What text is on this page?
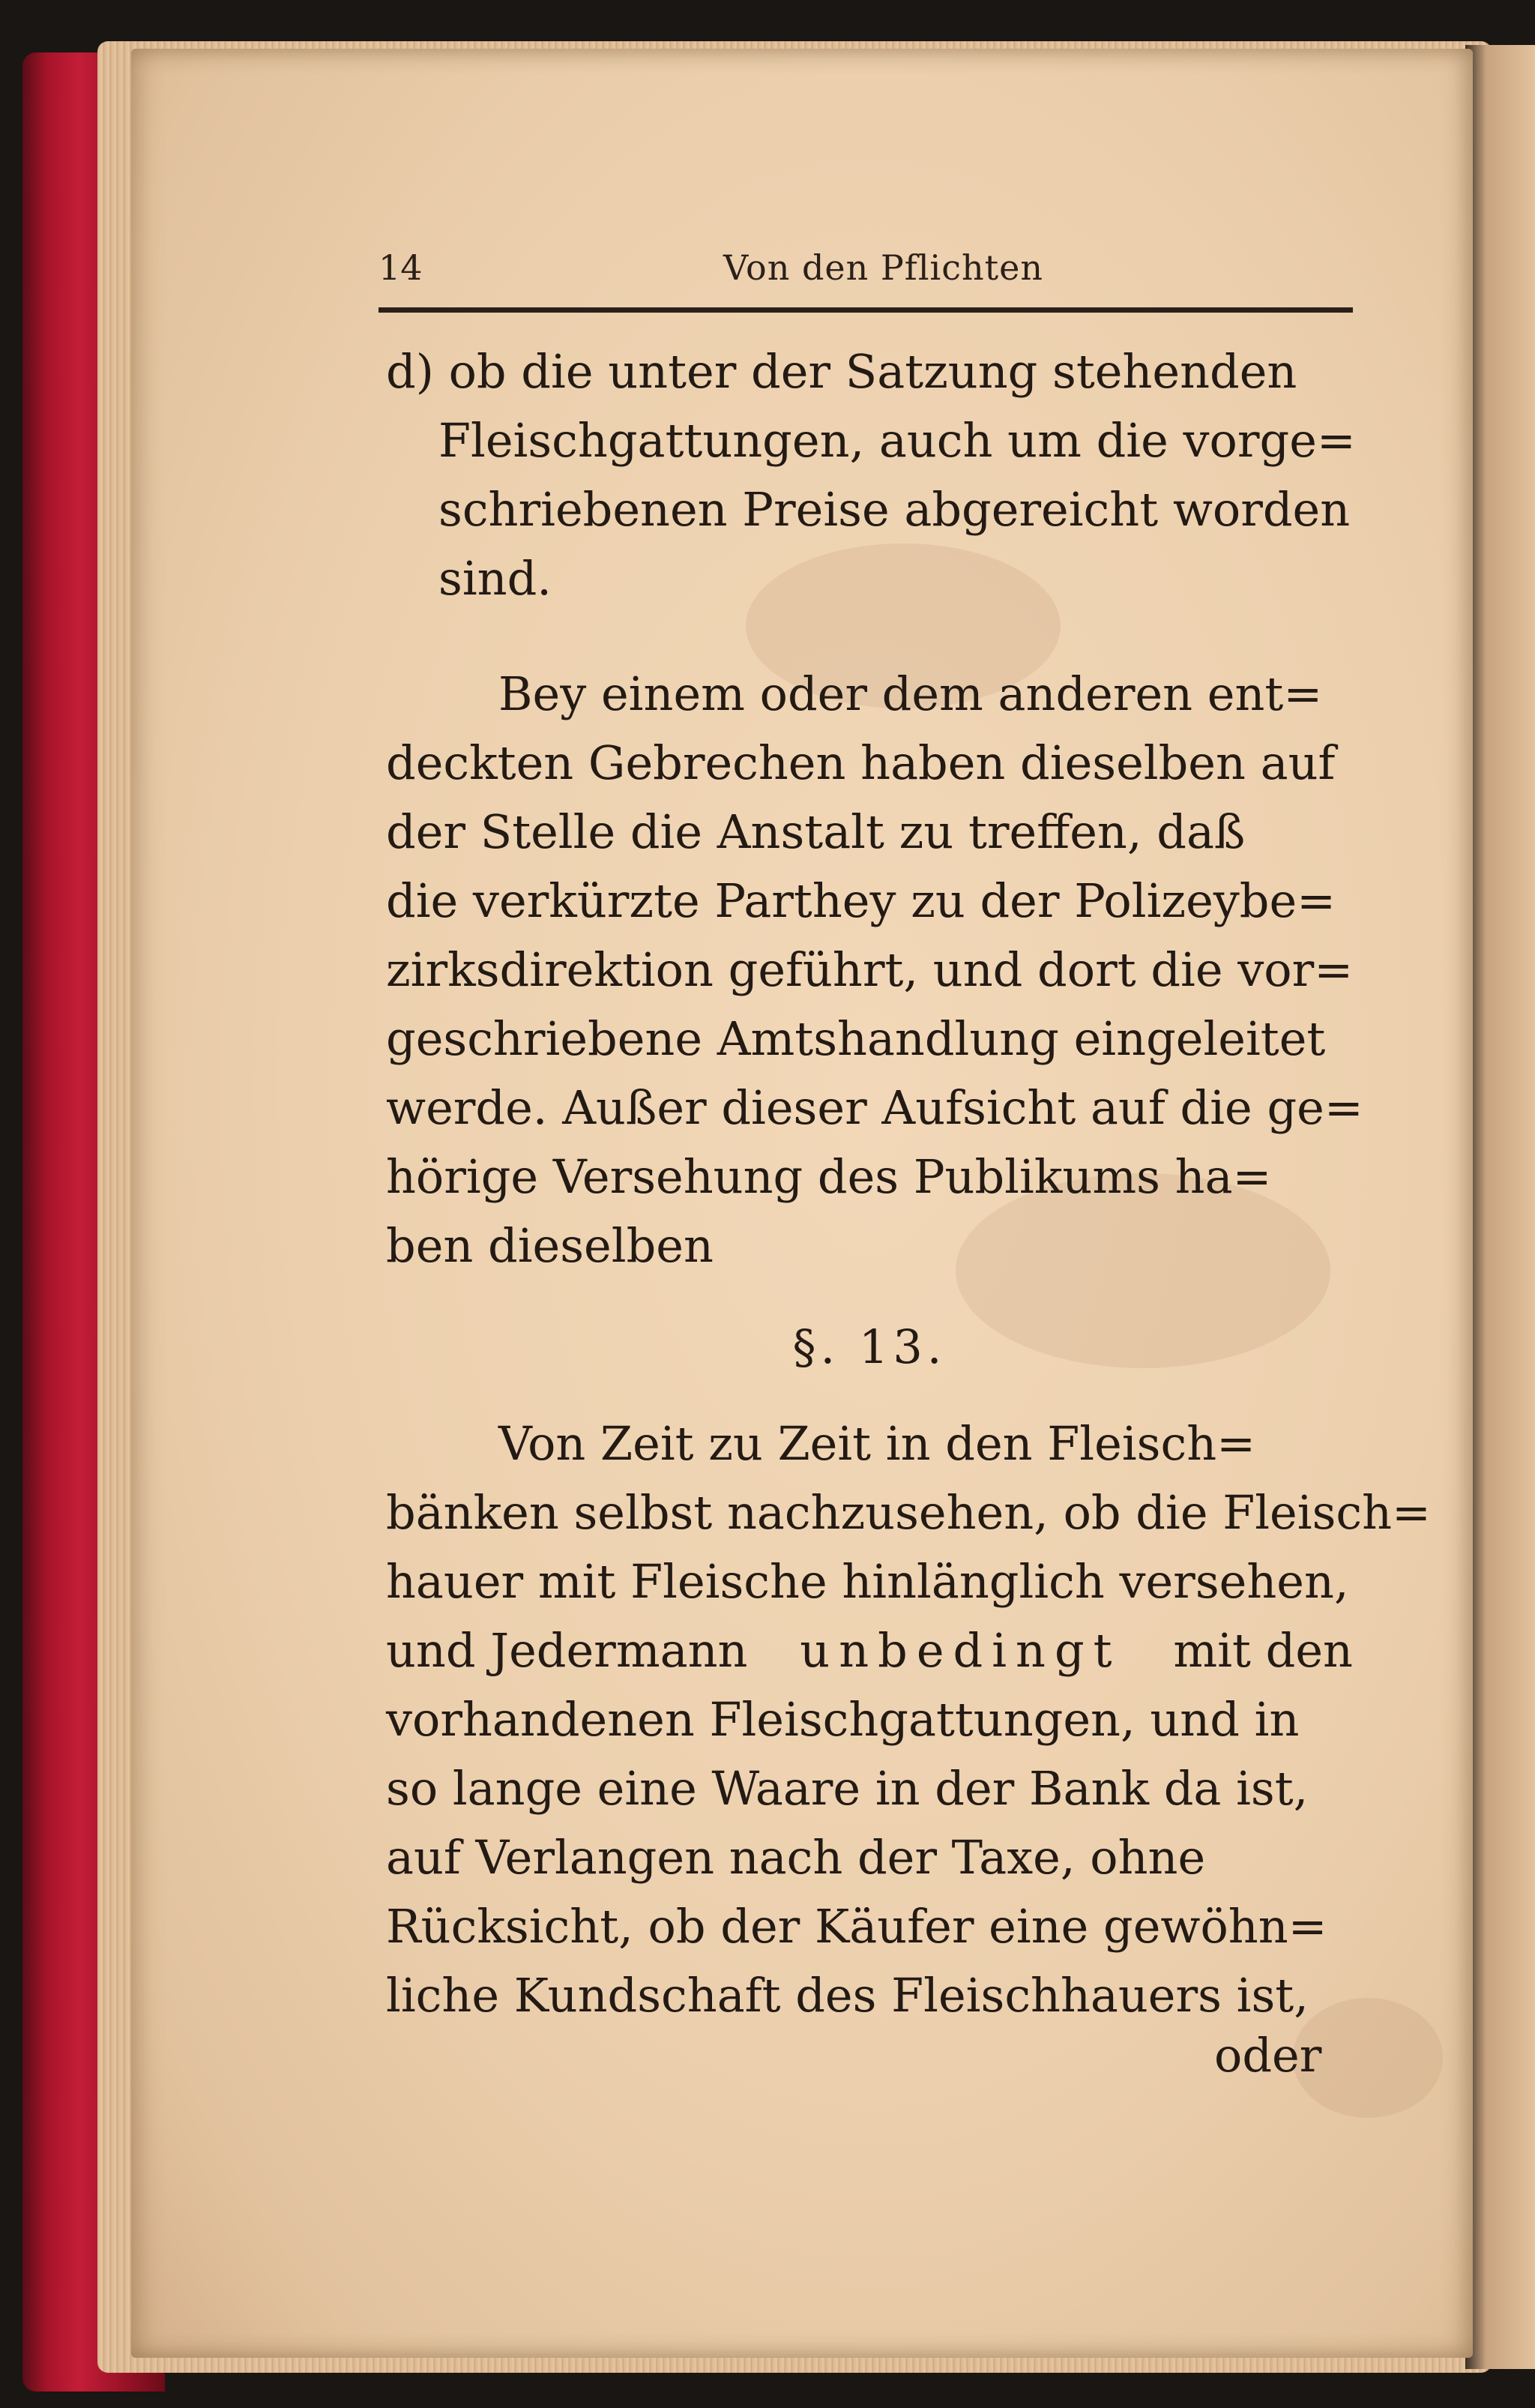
14	Von den Pflichten
d) ob die unter der Satzung stehenden
Fleischgattungen, auch um die vorge=
schriebenen Preise abgereicht worden
sind.
Bey einem oder dem anderen ent=
deckten Gebrechen haben dieselben auf
der Stelle die Anstalt zu treffen, daß
die verkürzte Parthey zu der Polizeybe=
zirksdirektion geführt, und dort die vor=
geschriebene Amtshandlung eingeleitet
werde. Außer dieser Aufsicht auf die ge=
hörige Versehung des Publikums ha=
ben dieselben
§. 13.
Von Zeit zu Zeit in den Fleisch=
bänken selbst nachzusehen, ob die Fleisch=
hauer mit Fleische hinlänglich versehen,
und Jedermann unbedingt mit den
vorhandenen Fleischgattungen, und in
so lange eine Waare in der Bank da ist,
auf Verlangen nach der Taxe, ohne
Rücksicht, ob der Käufer eine gewöhn=
liche Kundschaft des Fleischhauers ist,
oder
